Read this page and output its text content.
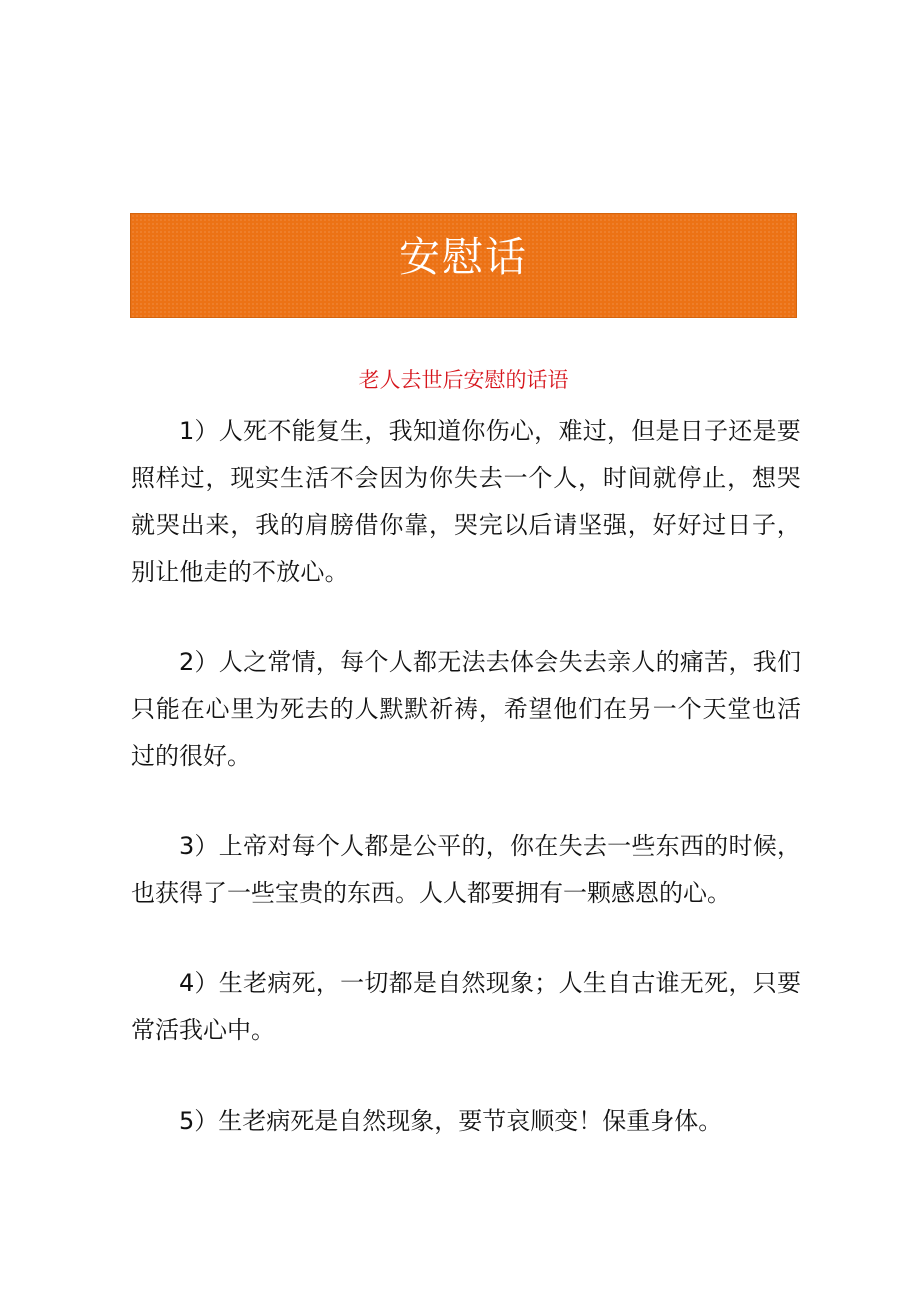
安慰话
老人去世后安慰的话语

1）人死不能复生，我知道你伤心，难过，但是日子还是要照样过，现实生活不会因为你失去一个人，时间就停止，想哭就哭出来，我的肩膀借你靠，哭完以后请坚强，好好过日子，别让他走的不放心。

2）人之常情，每个人都无法去体会失去亲人的痛苦，我们只能在心里为死去的人默默祈祷，希望他们在另一个天堂也活过的很好。

3）上帝对每个人都是公平的，你在失去一些东西的时候，也获得了一些宝贵的东西。人人都要拥有一颗感恩的心。

4）生老病死，一切都是自然现象；人生自古谁无死，只要常活我心中。

5）生老病死是自然现象，要节哀顺变！保重身体。
